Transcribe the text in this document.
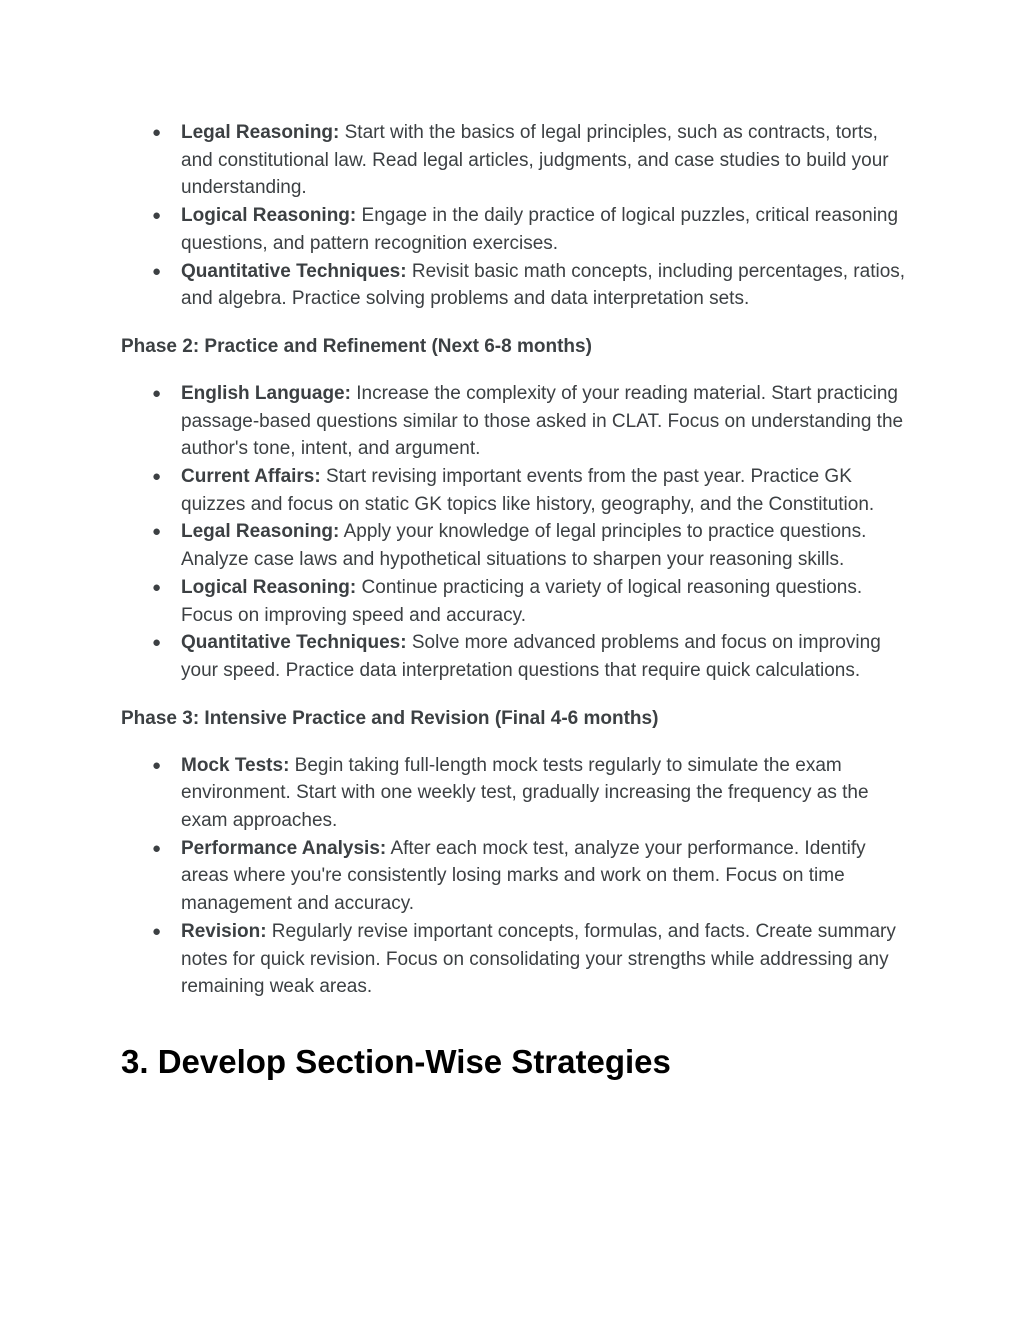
● Legal Reasoning: Start with the basics of legal principles, such as contracts, torts, and constitutional law. Read legal articles, judgments, and case studies to build your understanding.
● Logical Reasoning: Engage in the daily practice of logical puzzles, critical reasoning questions, and pattern recognition exercises.
● Quantitative Techniques: Revisit basic math concepts, including percentages, ratios, and algebra. Practice solving problems and data interpretation sets.
Phase 2: Practice and Refinement (Next 6-8 months)
● English Language: Increase the complexity of your reading material. Start practicing passage-based questions similar to those asked in CLAT. Focus on understanding the author's tone, intent, and argument.
● Current Affairs: Start revising important events from the past year. Practice GK quizzes and focus on static GK topics like history, geography, and the Constitution.
● Legal Reasoning: Apply your knowledge of legal principles to practice questions. Analyze case laws and hypothetical situations to sharpen your reasoning skills.
● Logical Reasoning: Continue practicing a variety of logical reasoning questions. Focus on improving speed and accuracy.
● Quantitative Techniques: Solve more advanced problems and focus on improving your speed. Practice data interpretation questions that require quick calculations.
Phase 3: Intensive Practice and Revision (Final 4-6 months)
● Mock Tests: Begin taking full-length mock tests regularly to simulate the exam environment. Start with one weekly test, gradually increasing the frequency as the exam approaches.
● Performance Analysis: After each mock test, analyze your performance. Identify areas where you're consistently losing marks and work on them. Focus on time management and accuracy.
● Revision: Regularly revise important concepts, formulas, and facts. Create summary notes for quick revision. Focus on consolidating your strengths while addressing any remaining weak areas.
3. Develop Section-Wise Strategies
